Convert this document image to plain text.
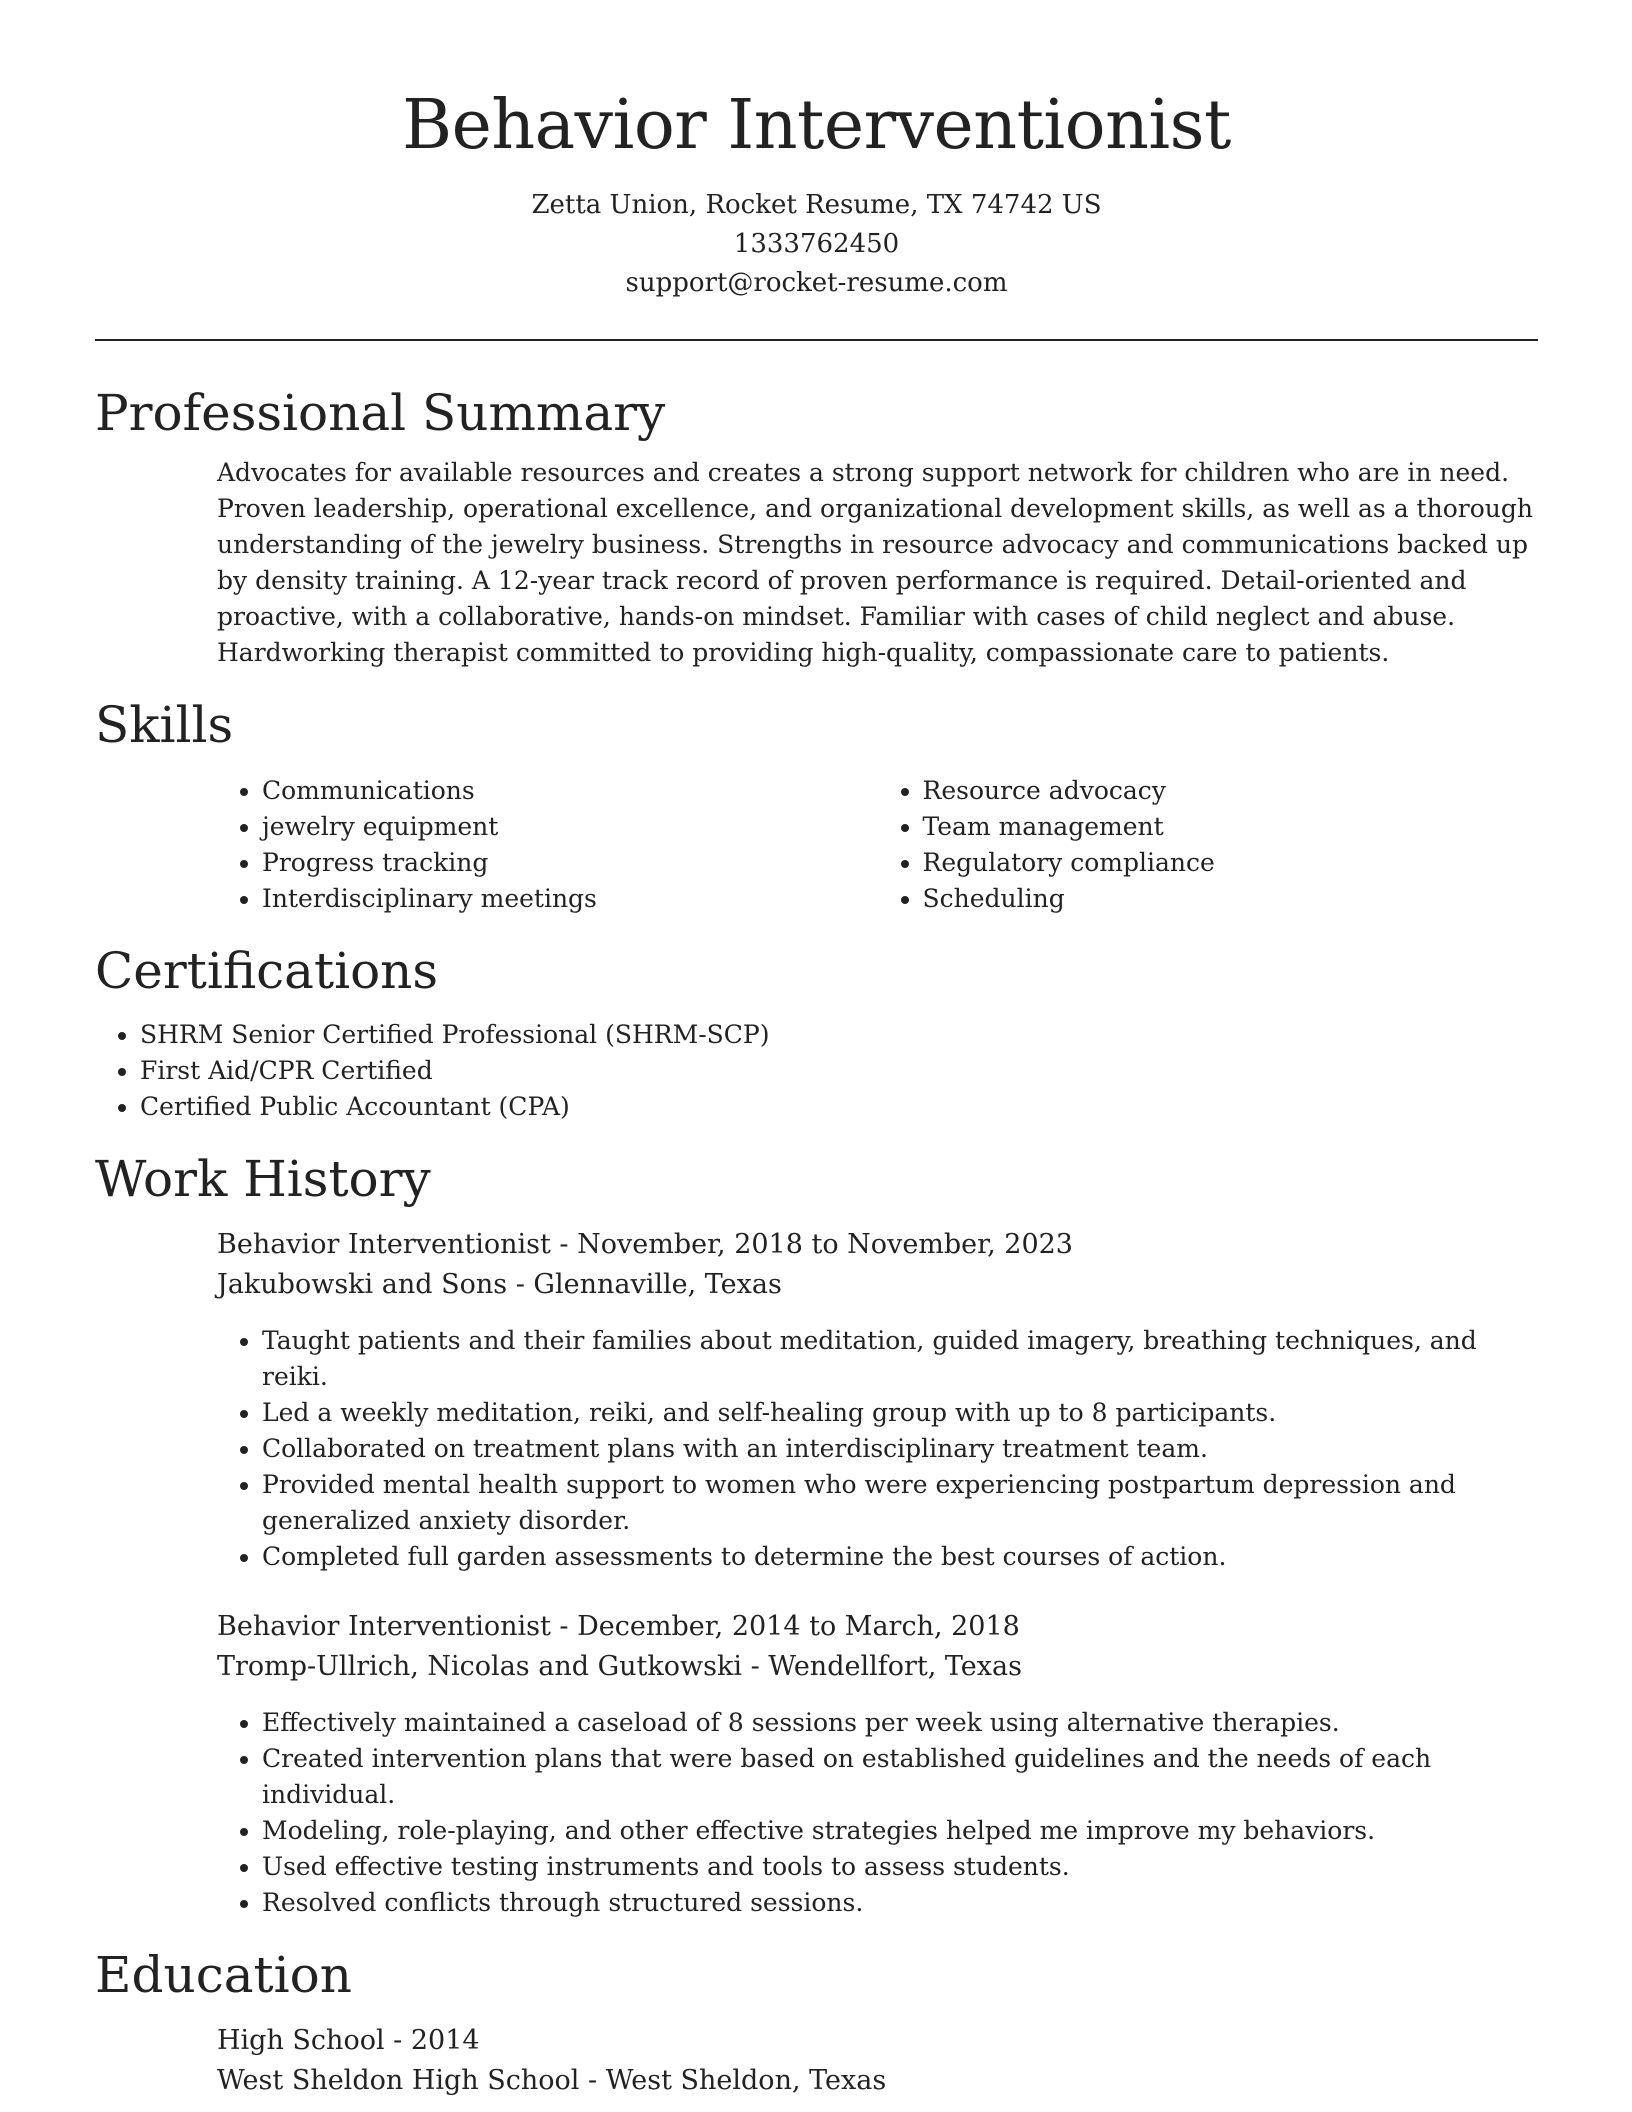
Behavior Interventionist
Zetta Union, Rocket Resume, TX 74742 US
1333762450
support@rocket-resume.com
Professional Summary

Advocates for available resources and creates a strong support network for children who are in need. Proven leadership, operational excellence, and organizational development skills, as well as a thorough understanding of the jewelry business. Strengths in resource advocacy and communications backed up by density training. A 12-year track record of proven performance is required. Detail-oriented and proactive, with a collaborative, hands-on mindset. Familiar with cases of child neglect and abuse. Hardworking therapist committed to providing high-quality, compassionate care to patients.

Skills
• Communications
• jewelry equipment
• Progress tracking
• Interdisciplinary meetings
• Resource advocacy
• Team management
• Regulatory compliance
• Scheduling
Certifications
• SHRM Senior Certified Professional (SHRM-SCP)
• First Aid/CPR Certified
• Certified Public Accountant (CPA)
Work History
Behavior Interventionist - November, 2018 to November, 2023
Jakubowski and Sons - Glennaville, Texas
• Taught patients and their families about meditation, guided imagery, breathing techniques, and reiki.
• Led a weekly meditation, reiki, and self-healing group with up to 8 participants.
• Collaborated on treatment plans with an interdisciplinary treatment team.
• Provided mental health support to women who were experiencing postpartum depression and generalized anxiety disorder.
• Completed full garden assessments to determine the best courses of action.
Behavior Interventionist - December, 2014 to March, 2018
Tromp-Ullrich, Nicolas and Gutkowski - Wendellfort, Texas
• Effectively maintained a caseload of 8 sessions per week using alternative therapies.
• Created intervention plans that were based on established guidelines and the needs of each individual.
• Modeling, role-playing, and other effective strategies helped me improve my behaviors.
• Used effective testing instruments and tools to assess students.
• Resolved conflicts through structured sessions.
Education
High School - 2014
West Sheldon High School - West Sheldon, Texas
